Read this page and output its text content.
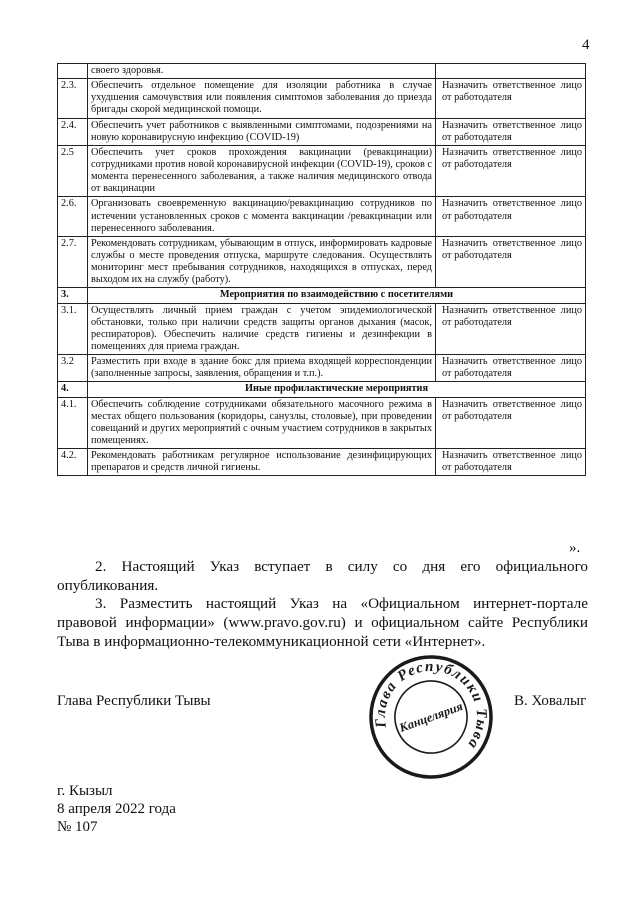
4
	своего здоровья.	
2.3.	Обеспечить отдельное помещение для изоляции работника в случае ухудшения самочувствия или появления симптомов заболевания до приезда бригады скорой медицинской помощи.	Назначить ответственное лицо от работодателя
2.4.	Обеспечить учет работников с выявленными симптомами, подозрениями на новую коронавирусную инфекцию (COVID-19)	Назначить ответственное лицо от работодателя
2.5	Обеспечить учет сроков прохождения вакцинации (ревакцинации) сотрудниками против новой коронавирусной инфекции (COVID-19), сроков с момента перенесенного заболевания, а также наличия медицинского отвода от вакцинации	Назначить ответственное лицо от работодателя
2.6.	Организовать своевременную вакцинацию/ревакцинацию сотрудников по истечении установленных сроков с момента вакцинации /ревакцинации или перенесенного заболевания.	Назначить ответственное лицо от работодателя
2.7.	Рекомендовать сотрудникам, убывающим в отпуск, информировать кадровые службы о месте проведения отпуска, маршруте следования. Осуществлять мониторинг мест пребывания сотрудников, находящихся в отпусках, перед выходом их на службу (работу).	Назначить ответственное лицо от работодателя
3.	Мероприятия по взаимодействию с посетителями	
3.1.	Осуществлять личный прием граждан с учетом эпидемиологической обстановки, только при наличии средств защиты органов дыхания (масок, респираторов). Обеспечить наличие средств гигиены и дезинфекции в помещениях для приема граждан.	Назначить ответственное лицо от работодателя
3.2	Разместить при входе в здание бокс для приема входящей корреспонденции (заполненные запросы, заявления, обращения и т.п.).	Назначить ответственное лицо от работодателя
4.	Иные профилактические мероприятия	
4.1.	Обеспечить соблюдение сотрудниками обязательного масочного режима в местах общего пользования (коридоры, санузлы, столовые), при проведении совещаний и других мероприятий с очным участием сотрудников в закрытых помещениях.	Назначить ответственное лицо от работодателя
4.2.	Рекомендовать работникам регулярное использование дезинфицирующих препаратов и средств личной гигиены.	Назначить ответственное лицо от работодателя
».
2. Настоящий Указ вступает в силу со дня его официального опубликования.
3. Разместить настоящий Указ на «Официальном интернет-портале правовой информации» (www.pravo.gov.ru) и официальном сайте Республики Тыва в информационно-телекоммуникационной сети «Интернет».
Глава Республики Тывы	В. Ховалыг
Глава Республики Тыва
Канцелярия
г. Кызыл
8 апреля 2022 года
№ 107
